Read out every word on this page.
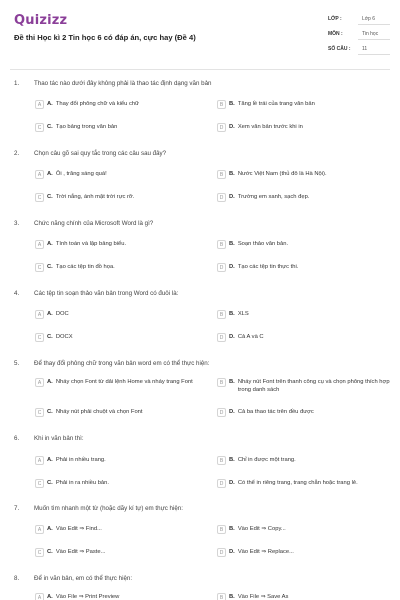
Quizizz
Đề thi Học kì 2 Tin học 6 có đáp án, cực hay (Đề 4)
LỚP :	Lớp 6
MÔN :	Tin học
SỐ CÂU : 11
1. Thao tác nào dưới đây không phải là thao tác định dạng văn bản
A	A. Thay đổi phông chữ và kiểu chữ	B	B. Tăng lề trái của trang văn bản
C C. Tạo bảng trong văn bản	D D. Xem văn bản trước khi in
2. Chọn câu gõ sai quy tắc trong các câu sau đây?
A	A. Ôi , trăng sáng quá!	B	B. Nước Việt Nam (thủ đô là Hà Nội).
C C. Trời nắng, ánh mặt trời rực rỡ.	D D. Trường em xanh, sạch đẹp.
3. Chức năng chính của Microsoft Word là gì?
A	A. Tính toán và lập bảng biểu.	B	B. Soạn thảo văn bản.
C C. Tạo các tệp tin đồ họa.	D D. Tạo các tệp tin thực thi.
4. Các tệp tin soạn thảo văn bản trong Word có đuôi là:
A	A. DOC	B	B. XLS
C C. DOCX	D D. Cả A và C
5. Để thay đổi phông chữ trong văn bản word em có thể thực hiện:
A	A. Nháy chọn Font từ dải lệnh Home và nháy trang Font	B	B. Nháy nút Font trên thanh công cụ và chọn phông thích hợp trong danh sách
C C. Nháy nút phải chuột và chọn Font	D D. Cả ba thao tác trên đều được
6. Khi in văn bản thì:
A	A. Phải in nhiều trang.	B	B. Chỉ in được một trang.
C C. Phải in ra nhiều bản.	D D. Có thể in riêng trang, trang chẵn hoặc trang lẻ.
7. Muốn tìm nhanh một từ (hoặc dãy kí tự) em thực hiện:
A	A. Vào Edit ⇒ Find...	B	B. Vào Edit ⇒ Copy...
C C. Vào Edit ⇒ Paste...	D D. Vào Edit ⇒ Replace...
8. Để in văn bản, em có thể thực hiện:
A	A. Vào File ⇒ Print Preview	B	B. Vào File ⇒ Save As
